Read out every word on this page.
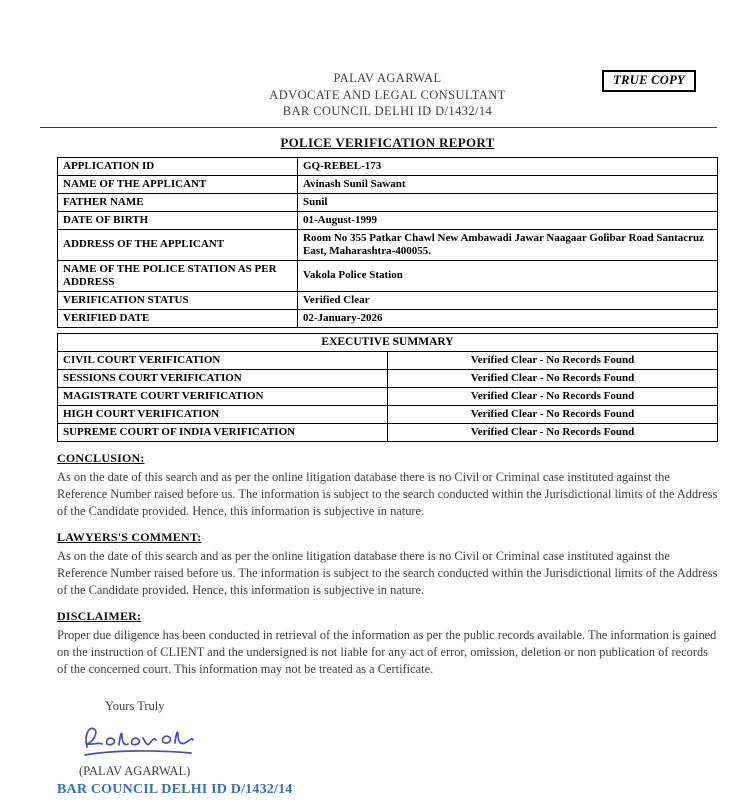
TRUE COPY
PALAV AGARWAL
ADVOCATE AND LEGAL CONSULTANT
BAR COUNCIL DELHI ID D/1432/14
POLICE VERIFICATION REPORT
APPLICATION ID	GQ-REBEL-173
NAME OF THE APPLICANT	Avinash Sunil Sawant
FATHER NAME	Sunil
DATE OF BIRTH	01-August-1999
ADDRESS OF THE APPLICANT	Room No 355 Patkar Chawl New Ambawadi Jawar Naagaar Golibar Road Santacruz East, Maharashtra-400055.
NAME OF THE POLICE STATION AS PER ADDRESS	Vakola Police Station
VERIFICATION STATUS	Verified Clear
VERIFIED DATE	02-January-2026
EXECUTIVE SUMMARY	
CIVIL COURT VERIFICATION	Verified Clear - No Records Found
SESSIONS COURT VERIFICATION	Verified Clear - No Records Found
MAGISTRATE COURT VERIFICATION	Verified Clear - No Records Found
HIGH COURT VERIFICATION	Verified Clear - No Records Found
SUPREME COURT OF INDIA VERIFICATION	Verified Clear - No Records Found
CONCLUSION:
As on the date of this search and as per the online litigation database there is no Civil or Criminal case instituted against the Reference Number raised before us. The information is subject to the search conducted within the Jurisdictional limits of the Address of the Candidate provided. Hence, this information is subjective in nature.
LAWYERS'S COMMENT:
As on the date of this search and as per the online litigation database there is no Civil or Criminal case instituted against the Reference Number raised before us. The information is subject to the search conducted within the Jurisdictional limits of the Address of the Candidate provided. Hence, this information is subjective in nature.
DISCLAIMER:
Proper due diligence has been conducted in retrieval of the information as per the public records available. The information is gained on the instruction of CLIENT and the undersigned is not liable for any act of error, omission, deletion or non publication of records of the concerned court. This information may not be treated as a Certificate.
Yours Truly
(PALAV AGARWAL)
BAR COUNCIL DELHI ID D/1432/14
